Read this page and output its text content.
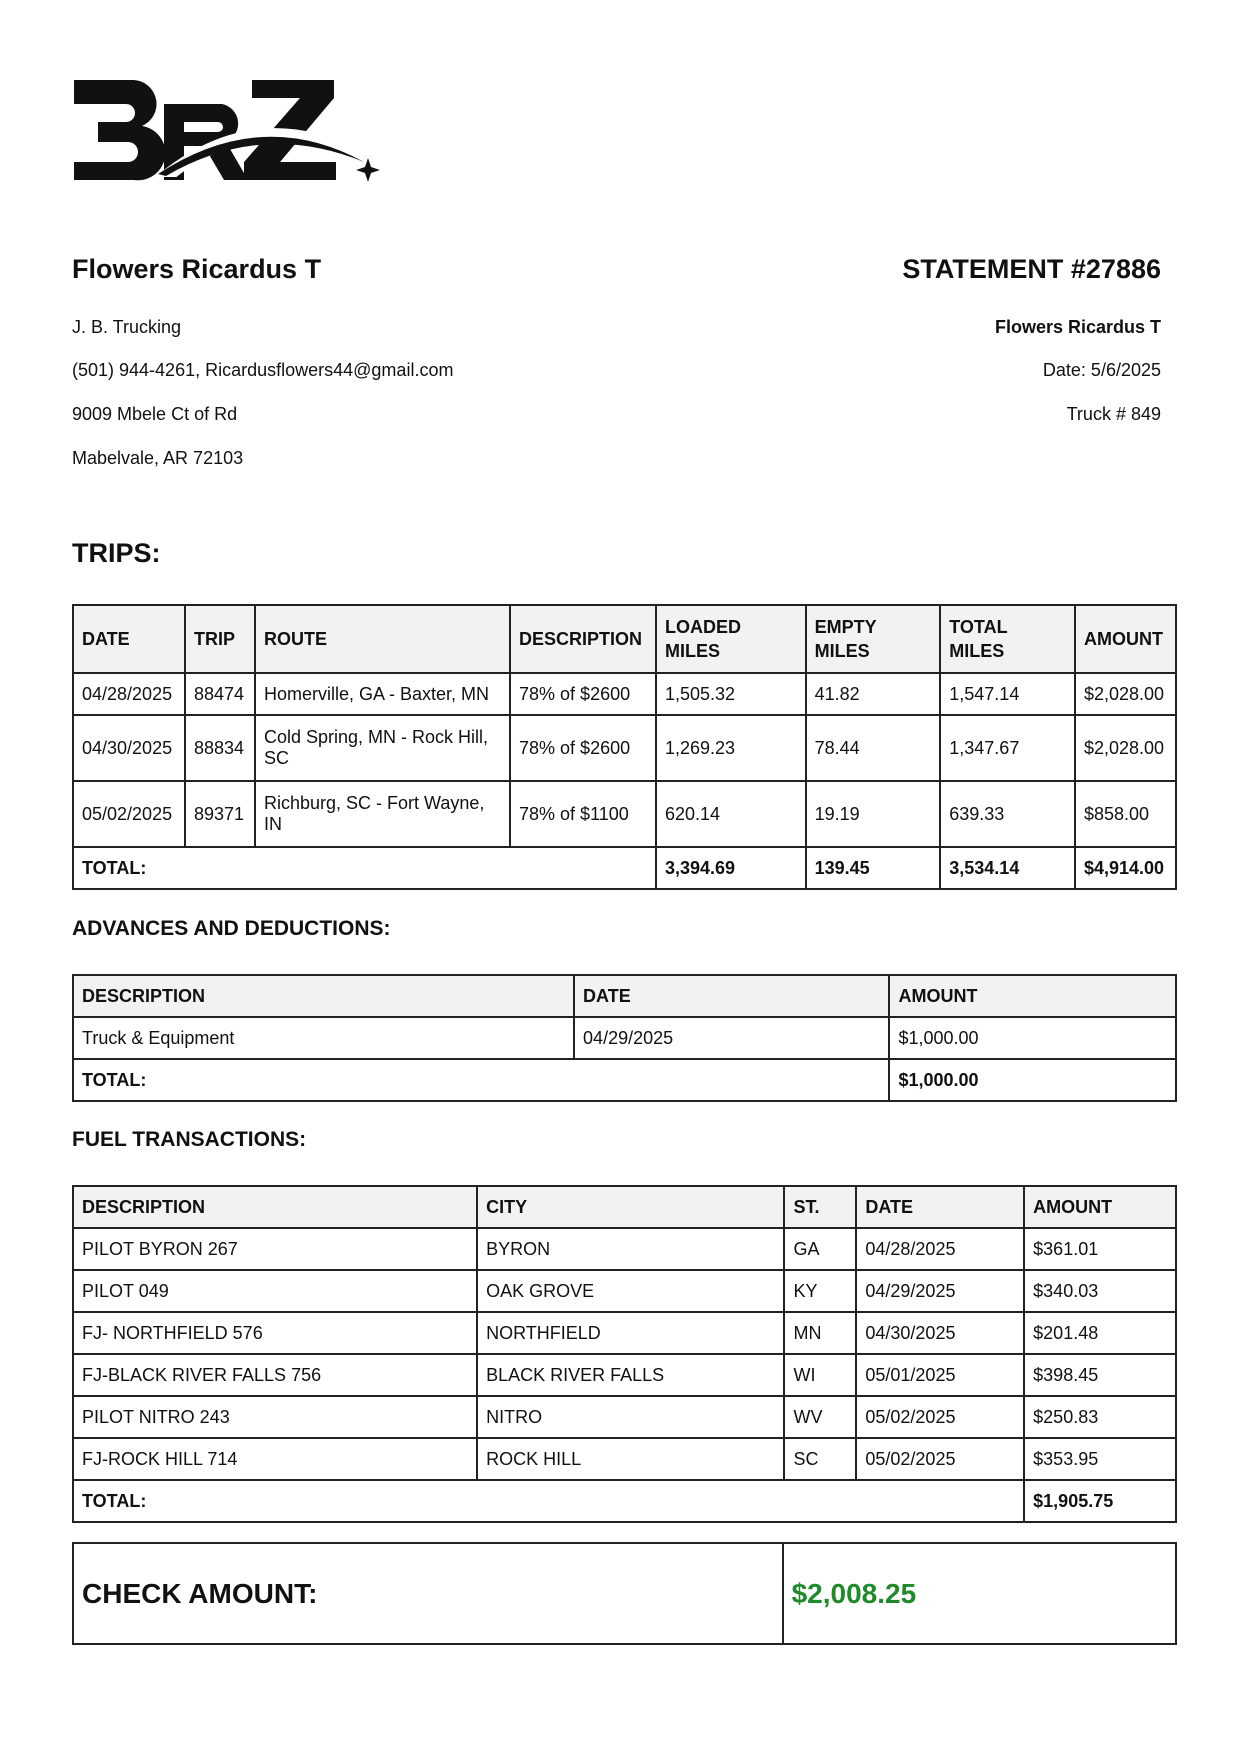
Flowers Ricardus T
J. B. Trucking
(501) 944-4261, Ricardusflowers44@gmail.com
9009 Mbele Ct of Rd
Mabelvale, AR 72103
STATEMENT #27886
Flowers Ricardus T
Date: 5/6/2025
Truck # 849
TRIPS:
DATE	TRIP	ROUTE	DESCRIPTION	LOADED MILES	EMPTY MILES	TOTAL MILES	AMOUNT
04/28/2025	88474	Homerville, GA - Baxter, MN	78% of $2600	1,505.32	41.82	1,547.14	$2,028.00
04/30/2025	88834	Cold Spring, MN - Rock Hill, SC	78% of $2600	1,269.23	78.44	1,347.67	$2,028.00
05/02/2025	89371	Richburg, SC - Fort Wayne, IN	78% of $1100	620.14	19.19	639.33	$858.00
TOTAL:				3,394.69	139.45	3,534.14	$4,914.00
ADVANCES AND DEDUCTIONS:
DESCRIPTION	DATE	AMOUNT
Truck & Equipment	04/29/2025	$1,000.00
TOTAL:		$1,000.00
FUEL TRANSACTIONS:
DESCRIPTION	CITY	ST.	DATE	AMOUNT
PILOT BYRON 267	BYRON	GA	04/28/2025	$361.01
PILOT 049	OAK GROVE	KY	04/29/2025	$340.03
FJ- NORTHFIELD 576	NORTHFIELD	MN	04/30/2025	$201.48
FJ-BLACK RIVER FALLS 756	BLACK RIVER FALLS	WI	05/01/2025	$398.45
PILOT NITRO 243	NITRO	WV	05/02/2025	$250.83
FJ-ROCK HILL 714	ROCK HILL	SC	05/02/2025	$353.95
TOTAL:				$1,905.75
CHECK AMOUNT:	$2,008.25
